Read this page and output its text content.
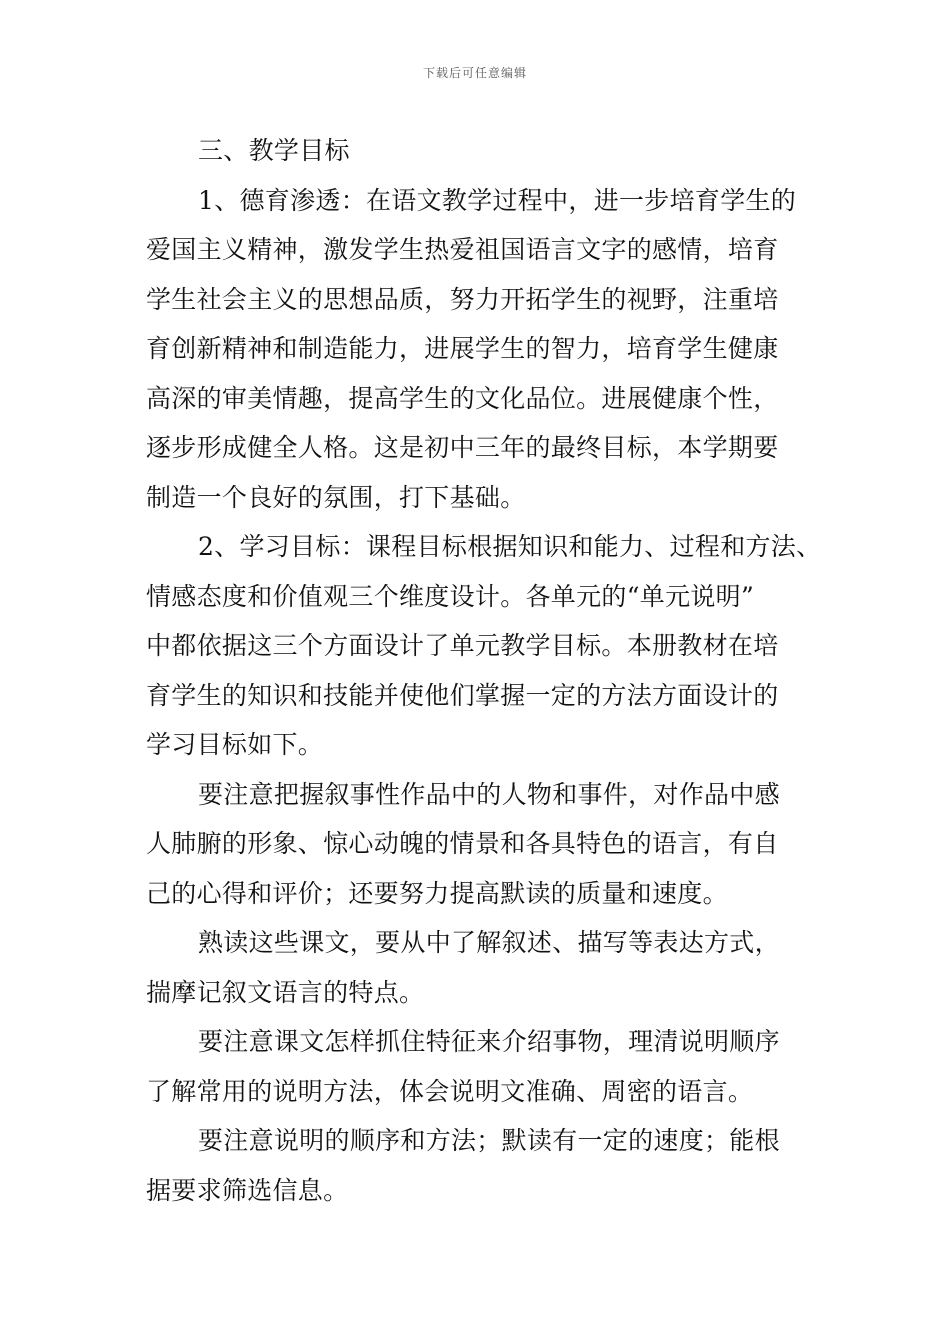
下载后可任意编辑
三、教学目标
1、德育渗透：在语文教学过程中，进一步培育学生的
爱国主义精神，激发学生热爱祖国语言文字的感情，培育
学生社会主义的思想品质，努力开拓学生的视野，注重培
育创新精神和制造能力，进展学生的智力，培育学生健康
高深的审美情趣，提高学生的文化品位。进展健康个性，
逐步形成健全人格。这是初中三年的最终目标，本学期要
制造一个良好的氛围，打下基础。
2、学习目标：课程目标根据知识和能力、过程和方法、
情感态度和价值观三个维度设计。各单元的“单元说明”
中都依据这三个方面设计了单元教学目标。本册教材在培
育学生的知识和技能并使他们掌握一定的方法方面设计的
学习目标如下。
要注意把握叙事性作品中的人物和事件，对作品中感
人肺腑的形象、惊心动魄的情景和各具特色的语言，有自
己的心得和评价；还要努力提高默读的质量和速度。
熟读这些课文，要从中了解叙述、描写等表达方式，
揣摩记叙文语言的特点。
要注意课文怎样抓住特征来介绍事物，理清说明顺序
了解常用的说明方法，体会说明文准确、周密的语言。
要注意说明的顺序和方法；默读有一定的速度；能根
据要求筛选信息。
